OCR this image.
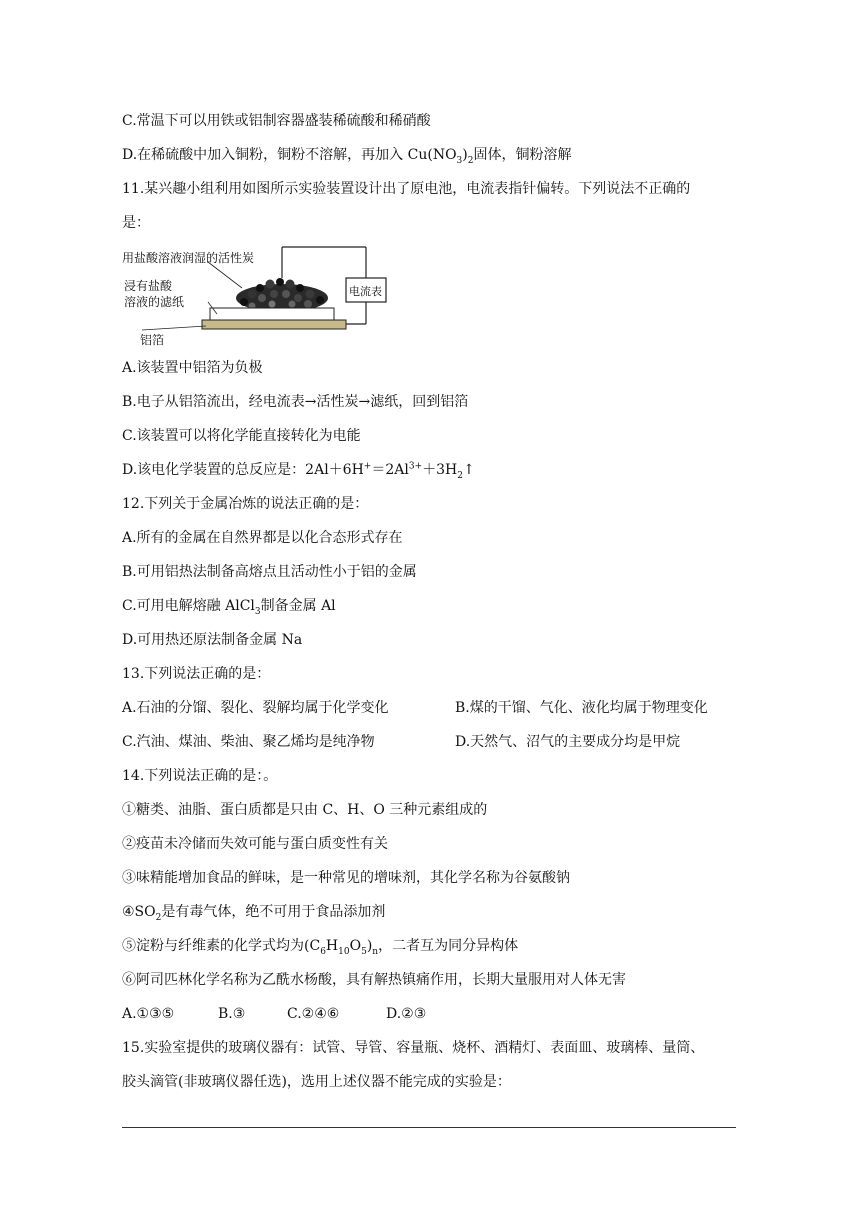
C.常温下可以用铁或铝制容器盛装稀硫酸和稀硝酸
D.在稀硫酸中加入铜粉，铜粉不溶解，再加入 $Cu(NO_3)_2$固体，铜粉溶解
11.某兴趣小组利用如图所示实验装置设计出了原电池，电流表指针偏转。下列说法不正确的
是：
用盐酸溶液润湿的活性炭
浸有盐酸
溶液的滤纸
铝箔
电流表
A.该装置中铝箔为负极
B.电子从铝箔流出，经电流表→活性炭→滤纸，回到铝箔
C.该装置可以将化学能直接转化为电能
D.该电化学装置的总反应是：$2Al+6H^+=2Al^{3+}+3H_2↑$
12.下列关于金属冶炼的说法正确的是：
A.所有的金属在自然界都是以化合态形式存在
B.可用铝热法制备高熔点且活动性小于铝的金属
C.可用电解熔融 AlCl$_3$制备金属 Al
D.可用热还原法制备金属 Na
13.下列说法正确的是：
A.石油的分馏、裂化、裂解均属于化学变化	B.煤的干馏、气化、液化均属于物理变化
C.汽油、煤油、柴油、聚乙烯均是纯净物	D.天然气、沼气的主要成分均是甲烷
14.下列说法正确的是：。
①糖类、油脂、蛋白质都是只由 C、H、O 三种元素组成的
②疫苗未冷储而失效可能与蛋白质变性有关
③味精能增加食品的鲜味，是一种常见的增味剂，其化学名称为谷氨酸钠
$④SO_2$是有毒气体，绝不可用于食品添加剂
⑤淀粉与纤维素的化学式均为$(C_6H_{10}O_5)_n$，二者互为同分异构体
⑥阿司匹林化学名称为乙酰水杨酸，具有解热镇痛作用，长期大量服用对人体无害
A.①③⑤	B.③	C.②④⑥	D.②③
15.实验室提供的玻璃仪器有：试管、导管、容量瓶、烧杯、酒精灯、表面皿、玻璃棒、量筒、
胶头滴管(非玻璃仪器任选)，选用上述仪器不能完成的实验是：
